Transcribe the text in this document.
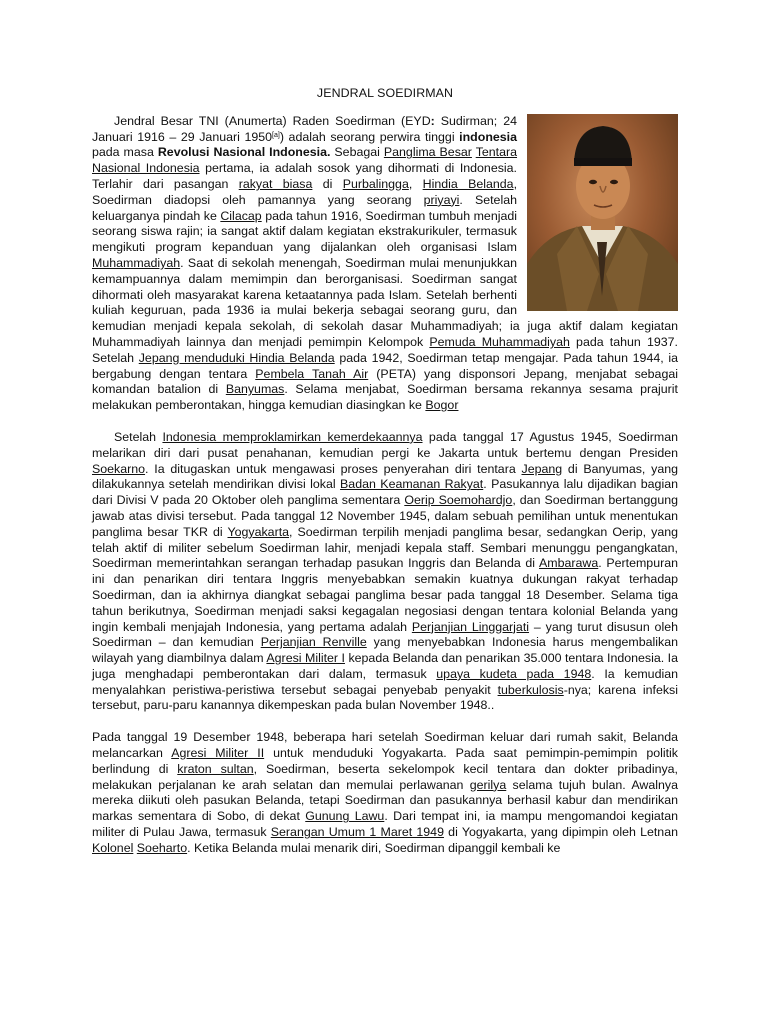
JENDRAL SOEDIRMAN

Jendral Besar TNI (Anumerta) Raden Soedirman (EYD: Sudirman; 24 Januari 1916 – 29 Januari 1950[a]) adalah seorang perwira tinggi indonesia pada masa Revolusi Nasional Indonesia. Sebagai Panglima Besar Tentara Nasional Indonesia pertama, ia adalah sosok yang dihormati di Indonesia. Terlahir dari pasangan rakyat biasa di Purbalingga, Hindia Belanda, Soedirman diadopsi oleh pamannya yang seorang priyayi. Setelah keluarganya pindah ke Cilacap pada tahun 1916, Soedirman tumbuh menjadi seorang siswa rajin; ia sangat aktif dalam kegiatan ekstrakurikuler, termasuk mengikuti program kepanduan yang dijalankan oleh organisasi Islam Muhammadiyah. Saat di sekolah menengah, Soedirman mulai menunjukkan kemampuannya dalam memimpin dan berorganisasi. Soedirman sangat dihormati oleh masyarakat karena ketaatannya pada Islam. Setelah berhenti kuliah keguruan, pada 1936 ia mulai bekerja sebagai seorang guru, dan kemudian menjadi kepala sekolah, di sekolah dasar Muhammadiyah; ia juga aktif dalam kegiatan Muhammadiyah lainnya dan menjadi pemimpin Kelompok Pemuda Muhammadiyah pada tahun 1937. Setelah Jepang menduduki Hindia Belanda pada 1942, Soedirman tetap mengajar. Pada tahun 1944, ia bergabung dengan tentara Pembela Tanah Air (PETA) yang disponsori Jepang, menjabat sebagai komandan batalion di Banyumas. Selama menjabat, Soedirman bersama rekannya sesama prajurit melakukan pemberontakan, hingga kemudian diasingkan ke Bogor

Setelah Indonesia memproklamirkan kemerdekaannya pada tanggal 17 Agustus 1945, Soedirman melarikan diri dari pusat penahanan, kemudian pergi ke Jakarta untuk bertemu dengan Presiden Soekarno. Ia ditugaskan untuk mengawasi proses penyerahan diri tentara Jepang di Banyumas, yang dilakukannya setelah mendirikan divisi lokal Badan Keamanan Rakyat. Pasukannya lalu dijadikan bagian dari Divisi V pada 20 Oktober oleh panglima sementara Oerip Soemohardjo, dan Soedirman bertanggung jawab atas divisi tersebut. Pada tanggal 12 November 1945, dalam sebuah pemilihan untuk menentukan panglima besar TKR di Yogyakarta, Soedirman terpilih menjadi panglima besar, sedangkan Oerip, yang telah aktif di militer sebelum Soedirman lahir, menjadi kepala staff. Sembari menunggu pengangkatan, Soedirman memerintahkan serangan terhadap pasukan Inggris dan Belanda di Ambarawa. Pertempuran ini dan penarikan diri tentara Inggris menyebabkan semakin kuatnya dukungan rakyat terhadap Soedirman, dan ia akhirnya diangkat sebagai panglima besar pada tanggal 18 Desember. Selama tiga tahun berikutnya, Soedirman menjadi saksi kegagalan negosiasi dengan tentara kolonial Belanda yang ingin kembali menjajah Indonesia, yang pertama adalah Perjanjian Linggarjati – yang turut disusun oleh Soedirman – dan kemudian Perjanjian Renville yang menyebabkan Indonesia harus mengembalikan wilayah yang diambilnya dalam Agresi Militer I kepada Belanda dan penarikan 35.000 tentara Indonesia. Ia juga menghadapi pemberontakan dari dalam, termasuk upaya kudeta pada 1948. Ia kemudian menyalahkan peristiwa-peristiwa tersebut sebagai penyebab penyakit tuberkulosis-nya; karena infeksi tersebut, paru-paru kanannya dikempeskan pada bulan November 1948..

Pada tanggal 19 Desember 1948, beberapa hari setelah Soedirman keluar dari rumah sakit, Belanda melancarkan Agresi Militer II untuk menduduki Yogyakarta. Pada saat pemimpin-pemimpin politik berlindung di kraton sultan, Soedirman, beserta sekelompok kecil tentara dan dokter pribadinya, melakukan perjalanan ke arah selatan dan memulai perlawanan gerilya selama tujuh bulan. Awalnya mereka diikuti oleh pasukan Belanda, tetapi Soedirman dan pasukannya berhasil kabur dan mendirikan markas sementara di Sobo, di dekat Gunung Lawu. Dari tempat ini, ia mampu mengomandoi kegiatan militer di Pulau Jawa, termasuk Serangan Umum 1 Maret 1949 di Yogyakarta, yang dipimpin oleh Letnan Kolonel Soeharto. Ketika Belanda mulai menarik diri, Soedirman dipanggil kembali ke
